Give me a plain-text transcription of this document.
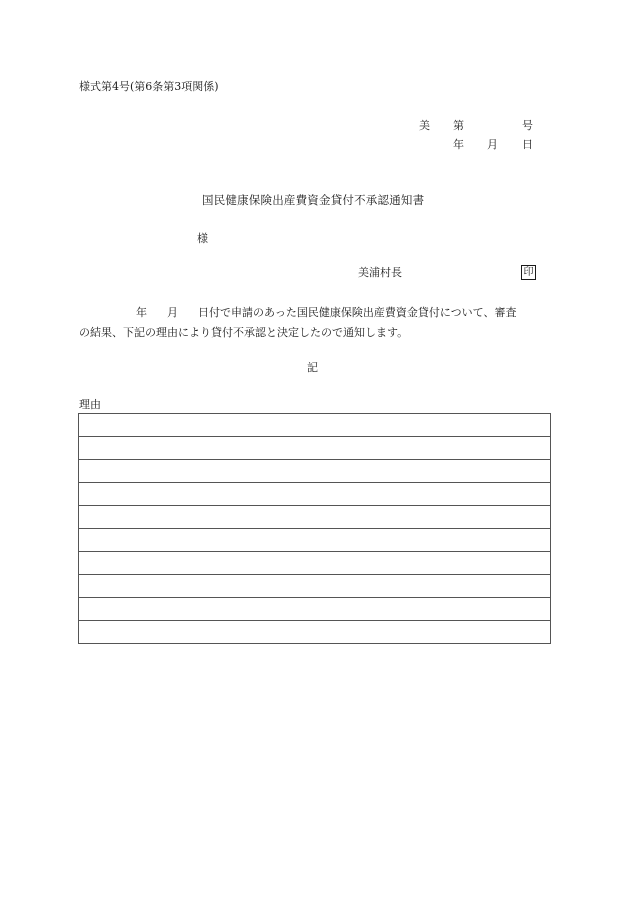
様式第4号(第6条第3項関係)
美 第	号
年 月 日
国民健康保険出産費資金貸付不承認通知書
様
美浦村長	印
年 月 日付で申請のあった国民健康保険出産費資金貸付について、審査
の結果、下記の理由により貸付不承認と決定したので通知します。
記
理由
